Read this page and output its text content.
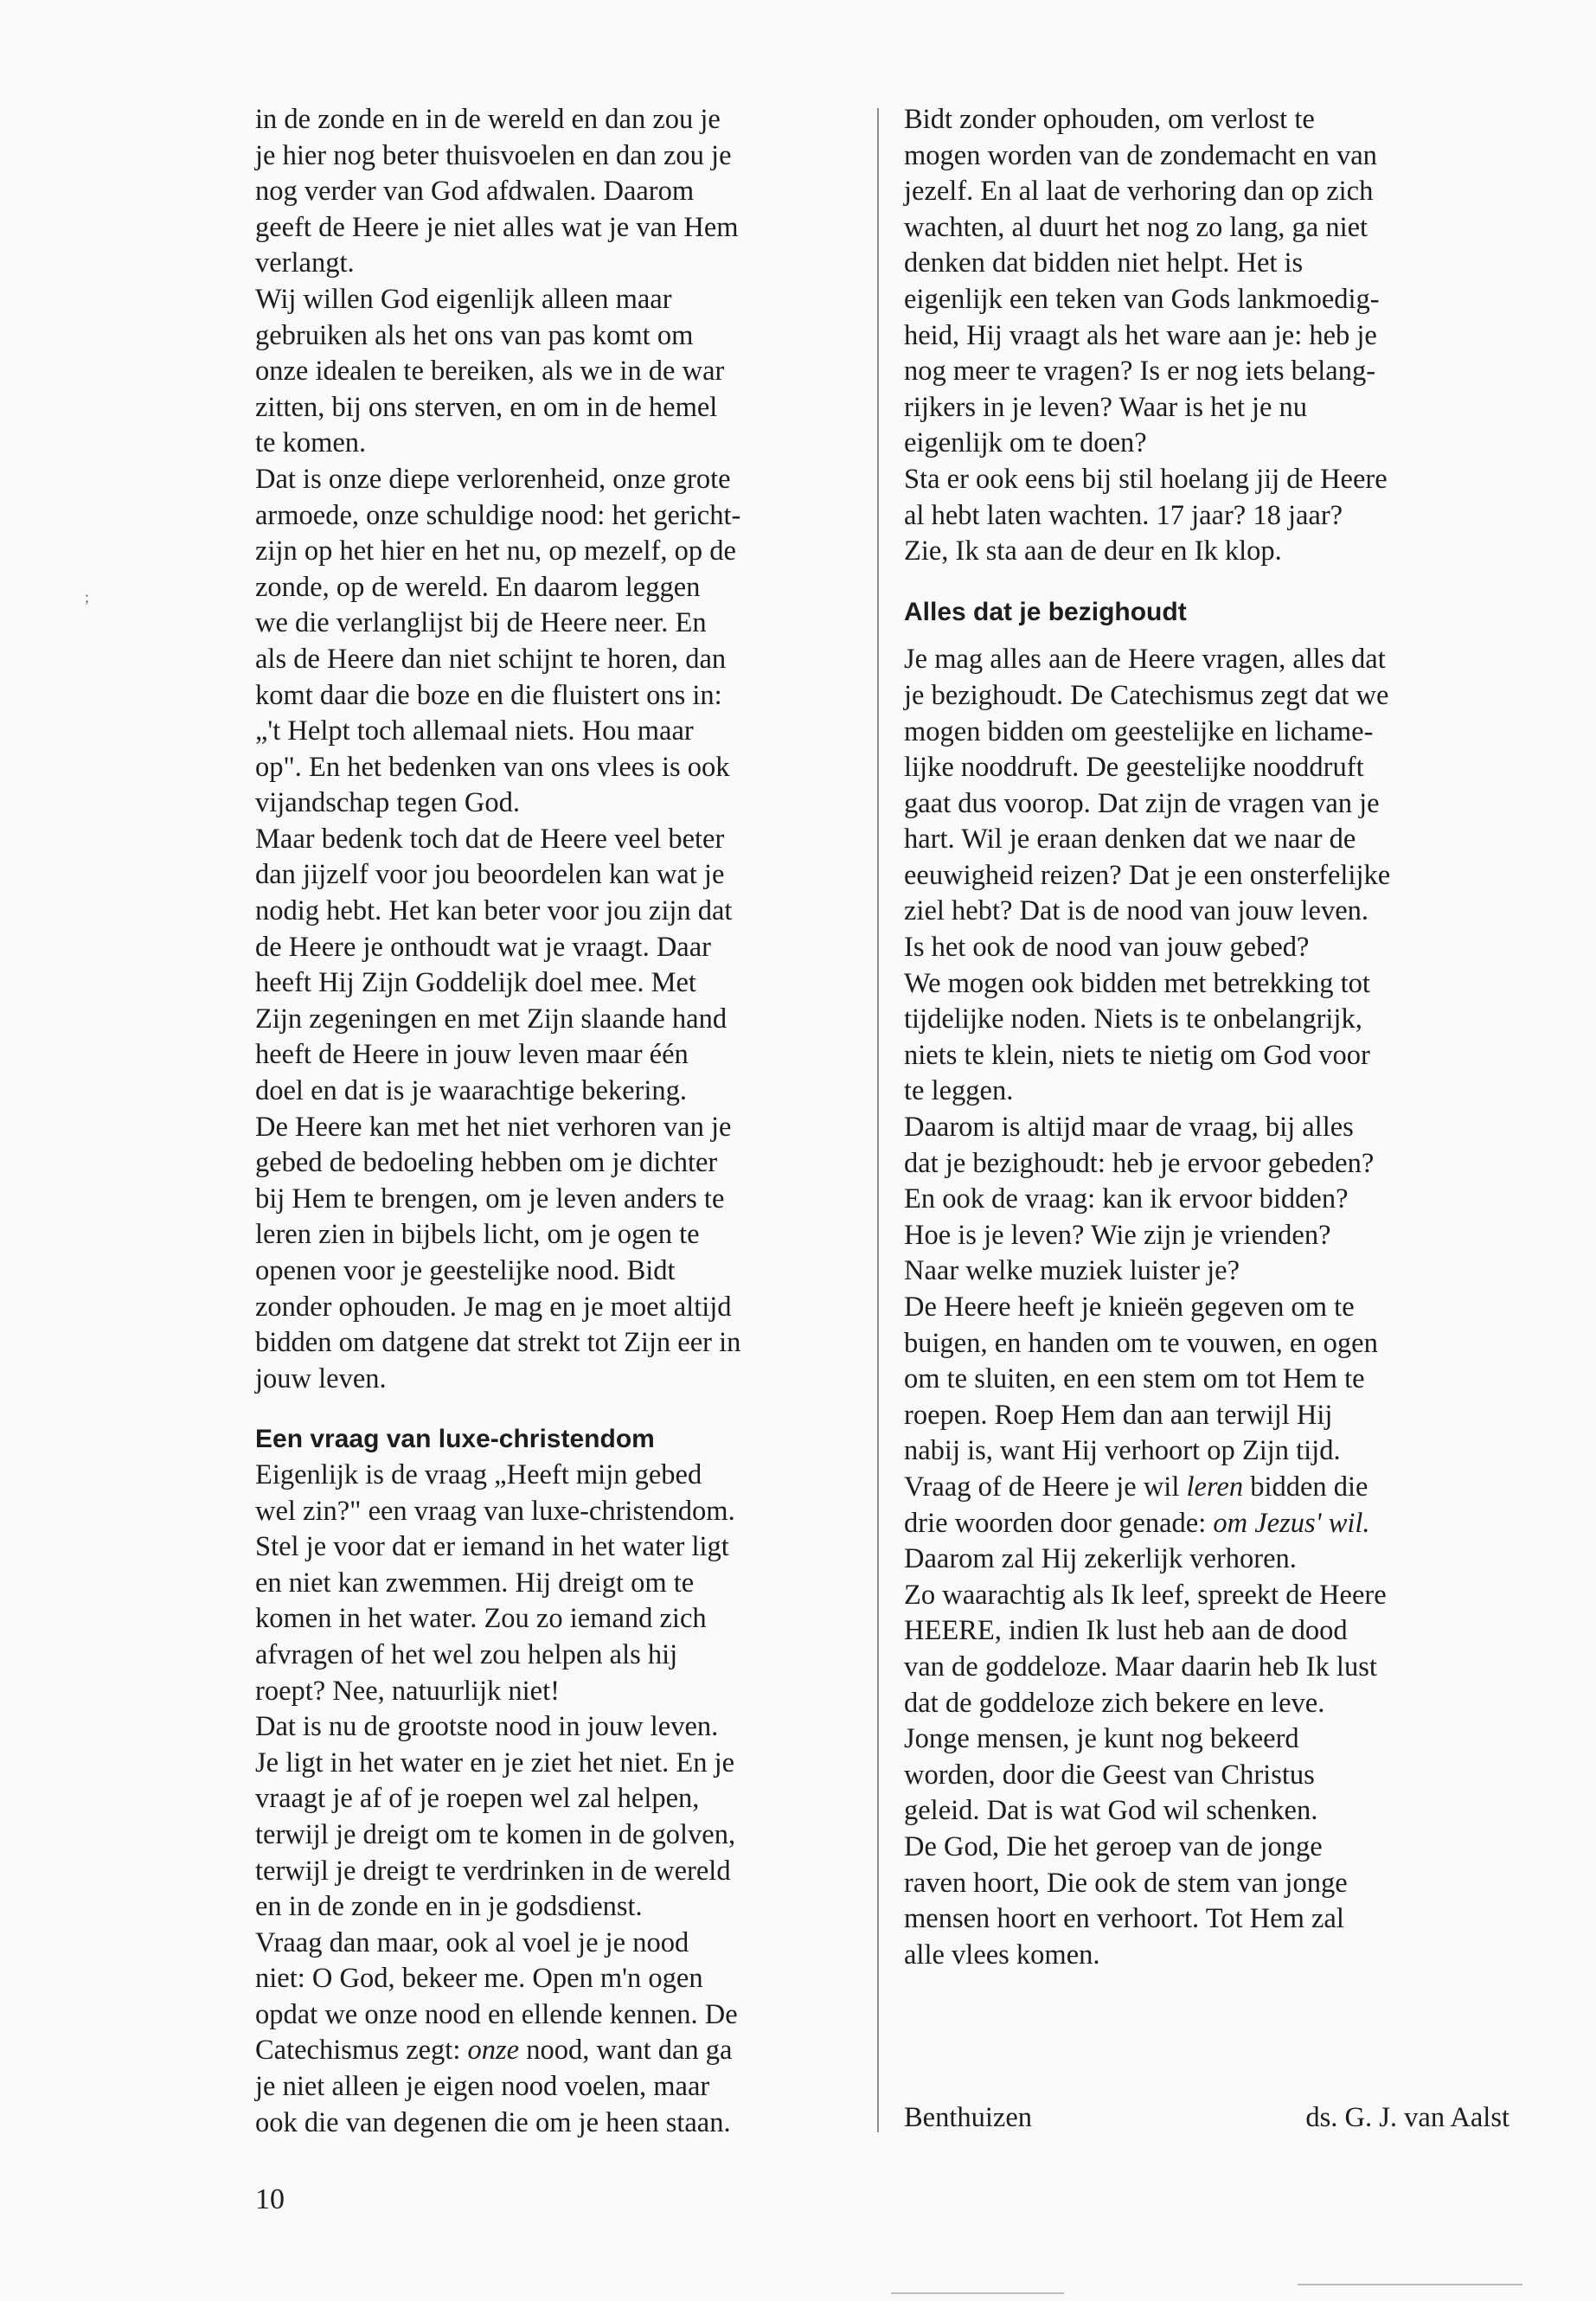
;
in de zonde en in de wereld en dan zou je
je hier nog beter thuisvoelen en dan zou je
nog verder van God afdwalen. Daarom
geeft de Heere je niet alles wat je van Hem
verlangt.
Wij willen God eigenlijk alleen maar
gebruiken als het ons van pas komt om
onze idealen te bereiken, als we in de war
zitten, bij ons sterven, en om in de hemel
te komen.
Dat is onze diepe verlorenheid, onze grote
armoede, onze schuldige nood: het gericht-
zijn op het hier en het nu, op mezelf, op de
zonde, op de wereld. En daarom leggen
we die verlanglijst bij de Heere neer. En
als de Heere dan niet schijnt te horen, dan
komt daar die boze en die fluistert ons in:
„'t Helpt toch allemaal niets. Hou maar
op". En het bedenken van ons vlees is ook
vijandschap tegen God.
Maar bedenk toch dat de Heere veel beter
dan jijzelf voor jou beoordelen kan wat je
nodig hebt. Het kan beter voor jou zijn dat
de Heere je onthoudt wat je vraagt. Daar
heeft Hij Zijn Goddelijk doel mee. Met
Zijn zegeningen en met Zijn slaande hand
heeft de Heere in jouw leven maar één
doel en dat is je waarachtige bekering.
De Heere kan met het niet verhoren van je
gebed de bedoeling hebben om je dichter
bij Hem te brengen, om je leven anders te
leren zien in bijbels licht, om je ogen te
openen voor je geestelijke nood. Bidt
zonder ophouden. Je mag en je moet altijd
bidden om datgene dat strekt tot Zijn eer in
jouw leven.
Een vraag van luxe-christendom
Eigenlijk is de vraag „Heeft mijn gebed
wel zin?" een vraag van luxe-christendom.
Stel je voor dat er iemand in het water ligt
en niet kan zwemmen. Hij dreigt om te
komen in het water. Zou zo iemand zich
afvragen of het wel zou helpen als hij
roept? Nee, natuurlijk niet!
Dat is nu de grootste nood in jouw leven.
Je ligt in het water en je ziet het niet. En je
vraagt je af of je roepen wel zal helpen,
terwijl je dreigt om te komen in de golven,
terwijl je dreigt te verdrinken in de wereld
en in de zonde en in je godsdienst.
Vraag dan maar, ook al voel je je nood
niet: O God, bekeer me. Open m'n ogen
opdat we onze nood en ellende kennen. De
Catechismus zegt: onze nood, want dan ga
je niet alleen je eigen nood voelen, maar
ook die van degenen die om je heen staan.
Bidt zonder ophouden, om verlost te
mogen worden van de zondemacht en van
jezelf. En al laat de verhoring dan op zich
wachten, al duurt het nog zo lang, ga niet
denken dat bidden niet helpt. Het is
eigenlijk een teken van Gods lankmoedig-
heid, Hij vraagt als het ware aan je: heb je
nog meer te vragen? Is er nog iets belang-
rijkers in je leven? Waar is het je nu
eigenlijk om te doen?
Sta er ook eens bij stil hoelang jij de Heere
al hebt laten wachten. 17 jaar? 18 jaar?
Zie, Ik sta aan de deur en Ik klop.
Alles dat je bezighoudt
Je mag alles aan de Heere vragen, alles dat
je bezighoudt. De Catechismus zegt dat we
mogen bidden om geestelijke en lichame-
lijke nooddruft. De geestelijke nooddruft
gaat dus voorop. Dat zijn de vragen van je
hart. Wil je eraan denken dat we naar de
eeuwigheid reizen? Dat je een onsterfelijke
ziel hebt? Dat is de nood van jouw leven.
Is het ook de nood van jouw gebed?
We mogen ook bidden met betrekking tot
tijdelijke noden. Niets is te onbelangrijk,
niets te klein, niets te nietig om God voor
te leggen.
Daarom is altijd maar de vraag, bij alles
dat je bezighoudt: heb je ervoor gebeden?
En ook de vraag: kan ik ervoor bidden?
Hoe is je leven? Wie zijn je vrienden?
Naar welke muziek luister je?
De Heere heeft je knieën gegeven om te
buigen, en handen om te vouwen, en ogen
om te sluiten, en een stem om tot Hem te
roepen. Roep Hem dan aan terwijl Hij
nabij is, want Hij verhoort op Zijn tijd.
Vraag of de Heere je wil leren bidden die
drie woorden door genade: om Jezus' wil.
Daarom zal Hij zekerlijk verhoren.
Zo waarachtig als Ik leef, spreekt de Heere
HEERE, indien Ik lust heb aan de dood
van de goddeloze. Maar daarin heb Ik lust
dat de goddeloze zich bekere en leve.
Jonge mensen, je kunt nog bekeerd
worden, door die Geest van Christus
geleid. Dat is wat God wil schenken.
De God, Die het geroep van de jonge
raven hoort, Die ook de stem van jonge
mensen hoort en verhoort. Tot Hem zal
alle vlees komen.
Benthuizen	ds. G. J. van Aalst
10
